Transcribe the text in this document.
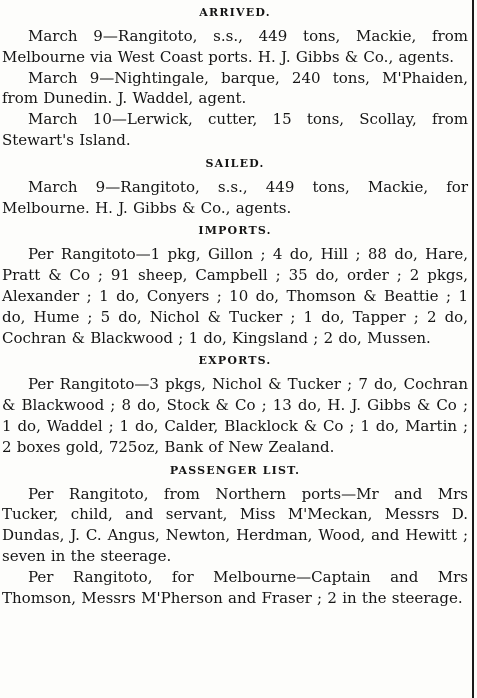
ARRIVED.

March 9—Rangitoto, s.s., 449 tons, Mackie, from Melbourne via West Coast ports. H. J. Gibbs & Co., agents.

March 9—Nightingale, barque, 240 tons, M'Phaiden, from Dunedin. J. Waddel, agent.

March 10—Lerwick, cutter, 15 tons, Scollay, from Stewart's Island.

SAILED.

March 9—Rangitoto, s.s., 449 tons, Mackie, for Melbourne. H. J. Gibbs & Co., agents.

IMPORTS.

Per Rangitoto—1 pkg, Gillon ; 4 do, Hill ; 88 do, Hare, Pratt & Co ; 91 sheep, Campbell ; 35 do, order ; 2 pkgs, Alexander ; 1 do, Conyers ; 10 do, Thomson & Beattie ; 1 do, Hume ; 5 do, Nichol & Tucker ; 1 do, Tapper ; 2 do, Cochran & Blackwood ; 1 do, Kingsland ; 2 do, Mussen.

EXPORTS.

Per Rangitoto—3 pkgs, Nichol & Tucker ; 7 do, Cochran & Blackwood ; 8 do, Stock & Co ; 13 do, H. J. Gibbs & Co ; 1 do, Waddel ; 1 do, Calder, Blacklock & Co ; 1 do, Martin ; 2 boxes gold, 725oz, Bank of New Zealand.

PASSENGER LIST.

Per Rangitoto, from Northern ports—Mr and Mrs Tucker, child, and servant, Miss M'Meckan, Messrs D. Dundas, J. C. Angus, Newton, Herdman, Wood, and Hewitt ; seven in the steerage.

Per Rangitoto, for Melbourne—Captain and Mrs Thomson, Messrs M'Pherson and Fraser ; 2 in the steerage.
